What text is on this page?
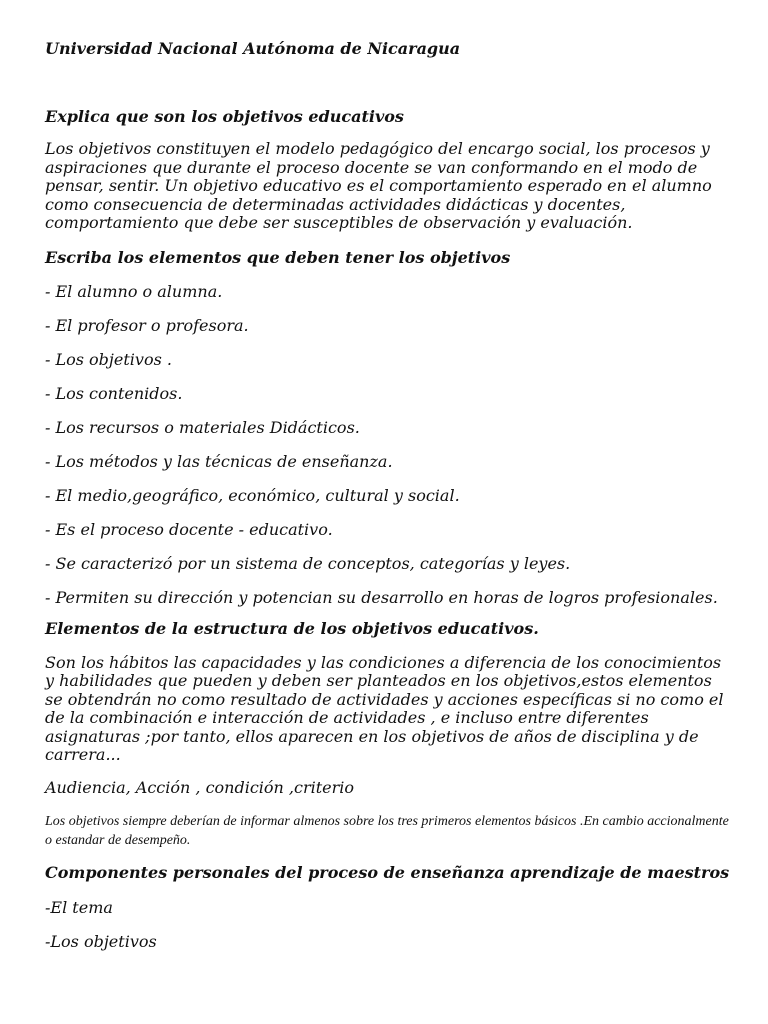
Universidad Nacional Autónoma de Nicaragua

Explica que son los objetivos educativos

Los objetivos constituyen el modelo pedagógico del encargo social, los procesos y aspiraciones que durante el proceso docente se van conformando en el modo de pensar, sentir. Un objetivo educativo es el comportamiento esperado en el alumno como consecuencia de determinadas actividades didácticas y docentes, comportamiento que debe ser susceptibles de observación y evaluación.

Escriba los elementos que deben tener los objetivos

- El alumno o alumna.

- El profesor o profesora.

- Los objetivos .

- Los contenidos.

- Los recursos o materiales Didácticos.

- Los métodos y las técnicas de enseñanza.

- El medio,geográfico, económico, cultural y social.

- Es el proceso docente - educativo.

- Se caracterizó por un sistema de conceptos, categorías y leyes.

- Permiten su dirección y potencian su desarrollo en horas de logros profesionales.

Elementos de la estructura de los objetivos educativos.

Son los hábitos las capacidades y las condiciones a diferencia de los conocimientos y habilidades que pueden y deben ser planteados en los objetivos,estos elementos se obtendrán no como resultado de actividades y acciones específicas si no como el de la combinación e interacción de actividades , e incluso entre diferentes asignaturas ;por tanto, ellos aparecen en los objetivos de años de disciplina y de carrera...

Audiencia, Acción , condición ,criterio

Los objetivos siempre deberían de informar almenos sobre los tres primeros elementos básicos .En cambio accionalmente o estandar de desempeño.

Componentes personales del proceso de enseñanza aprendizaje de maestros

-El tema

-Los objetivos
